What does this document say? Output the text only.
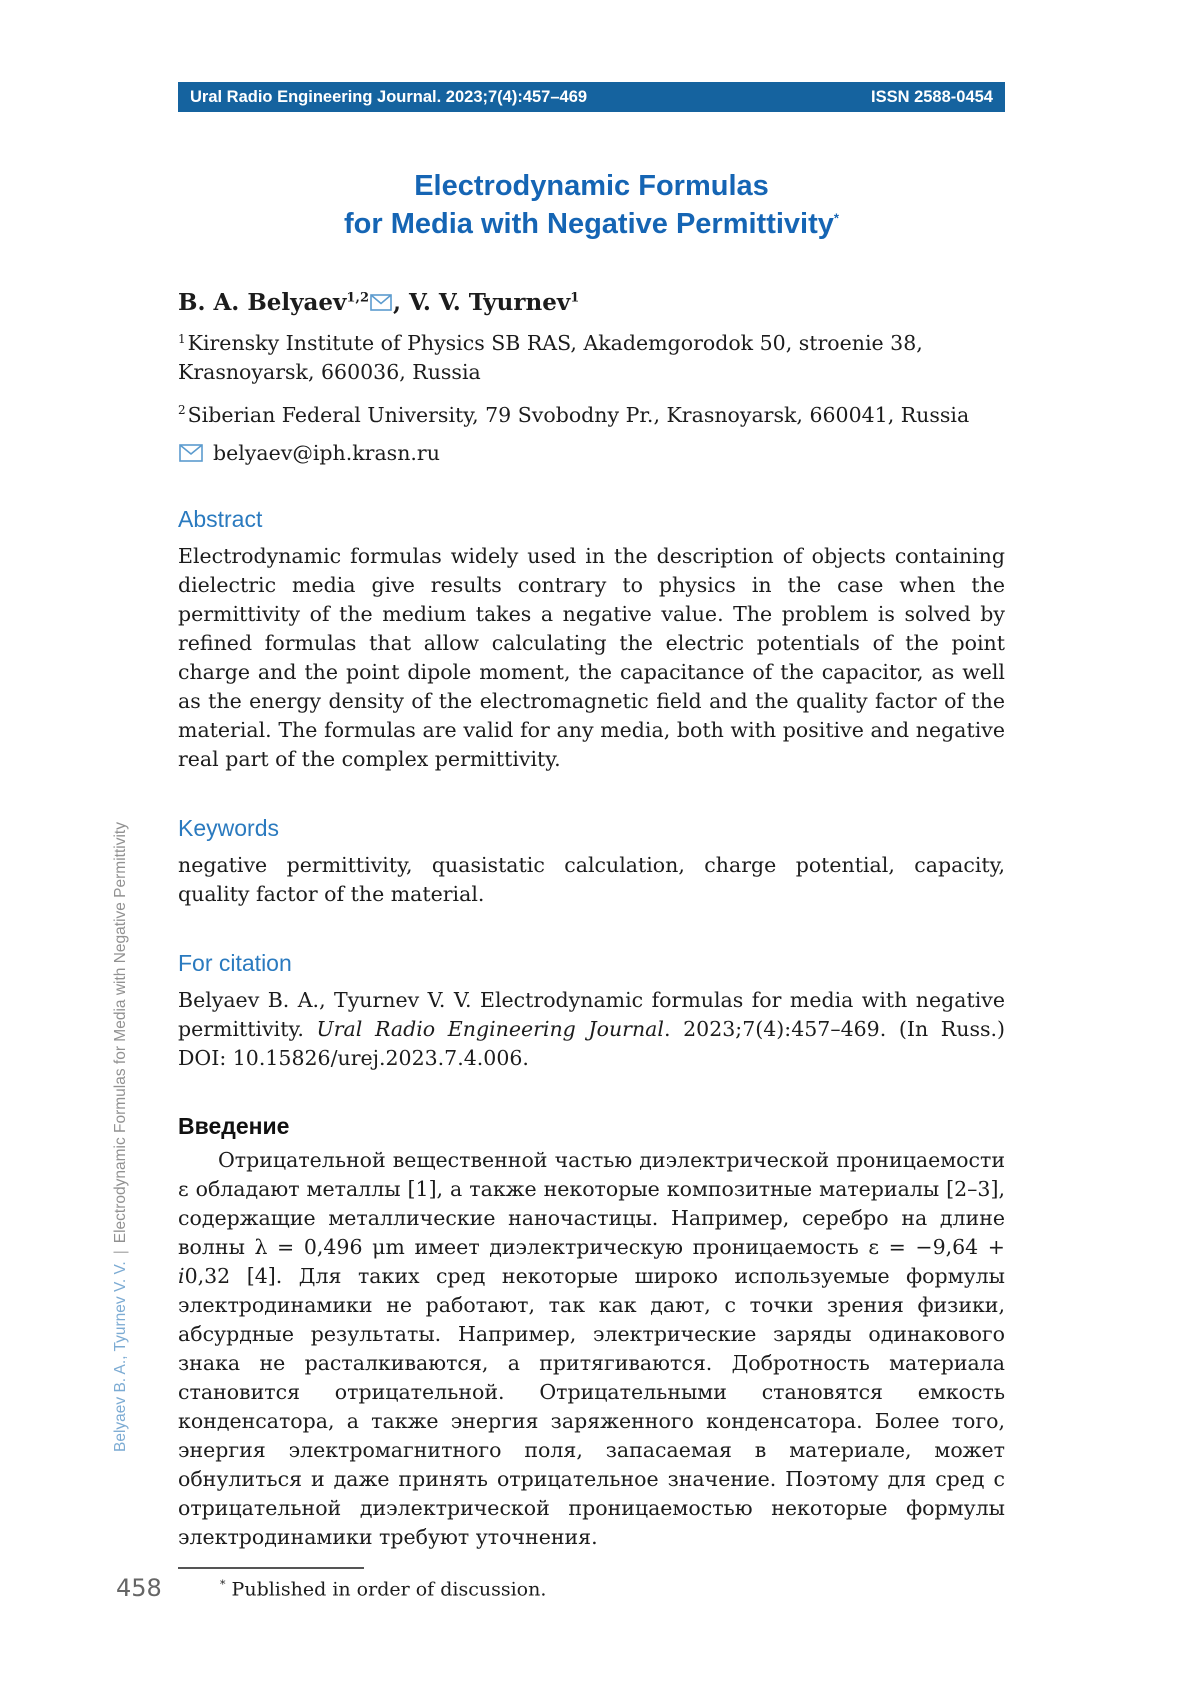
Belyaev B. A., Tyurnev V. V.|Electrodynamic Formulas for Media with Negative Permittivity
458
Ural Radio Engineering Journal. 2023;7(4):457–469	ISSN 2588-0454
Electrodynamic Formulas
for Media with Negative Permittivity*

B. A. Belyaev$^{1,2}$ , V. V. Tyurnev$^1$

$^1$Kirensky Institute of Physics SB RAS, Akademgorodok 50, stroenie 38, Krasnoyarsk, 660036, Russia

$^2$Siberian Federal University, 79 Svobodny Pr., Krasnoyarsk, 660041, Russia

belyaev@iph.krasn.ru

Abstract

Electrodynamic formulas widely used in the description of objects containing dielectric media give results contrary to physics in the case when the permittivity of the medium takes a negative value. The problem is solved by refined formulas that allow calculating the electric potentials of the point charge and the point dipole moment, the capacitance of the capacitor, as well as the energy density of the electromagnetic field and the quality factor of the material. The formulas are valid for any media, both with positive and negative real part of the complex permittivity.

Keywords

negative permittivity, quasistatic calculation, charge potential, capacity, quality factor of the material.

For citation

Belyaev B. A., Tyurnev V. V. Electrodynamic formulas for media with negative permittivity. Ural Radio Engineering Journal. 2023;7(4):457–469. (In Russ.) DOI: 10.15826/urej.2023.7.4.006.

Введение

Отрицательной вещественной частью диэлектрической проницаемости ε обладают металлы [1], а также некоторые композитные материалы [2–3], содержащие металлические наночастицы. Например, серебро на длине волны λ = 0,496 μm имеет диэлектрическую проницаемость ε = −9,64 + i0,32 [4]. Для таких сред некоторые широко используемые формулы электродинамики не работают, так как дают, с точки зрения физики, абсурдные результаты. Например, электрические заряды одинакового знака не расталкиваются, а притягиваются. Добротность материала становится отрицательной. Отрицательными становятся емкость конденсатора, а также энергия заряженного конденсатора. Более того, энергия электромагнитного поля, запасаемая в материале, может обнулиться и даже принять отрицательное значение. Поэтому для сред с отрицательной диэлектрической проницаемостью некоторые формулы электродинамики требуют уточнения.

* Published in order of discussion.
